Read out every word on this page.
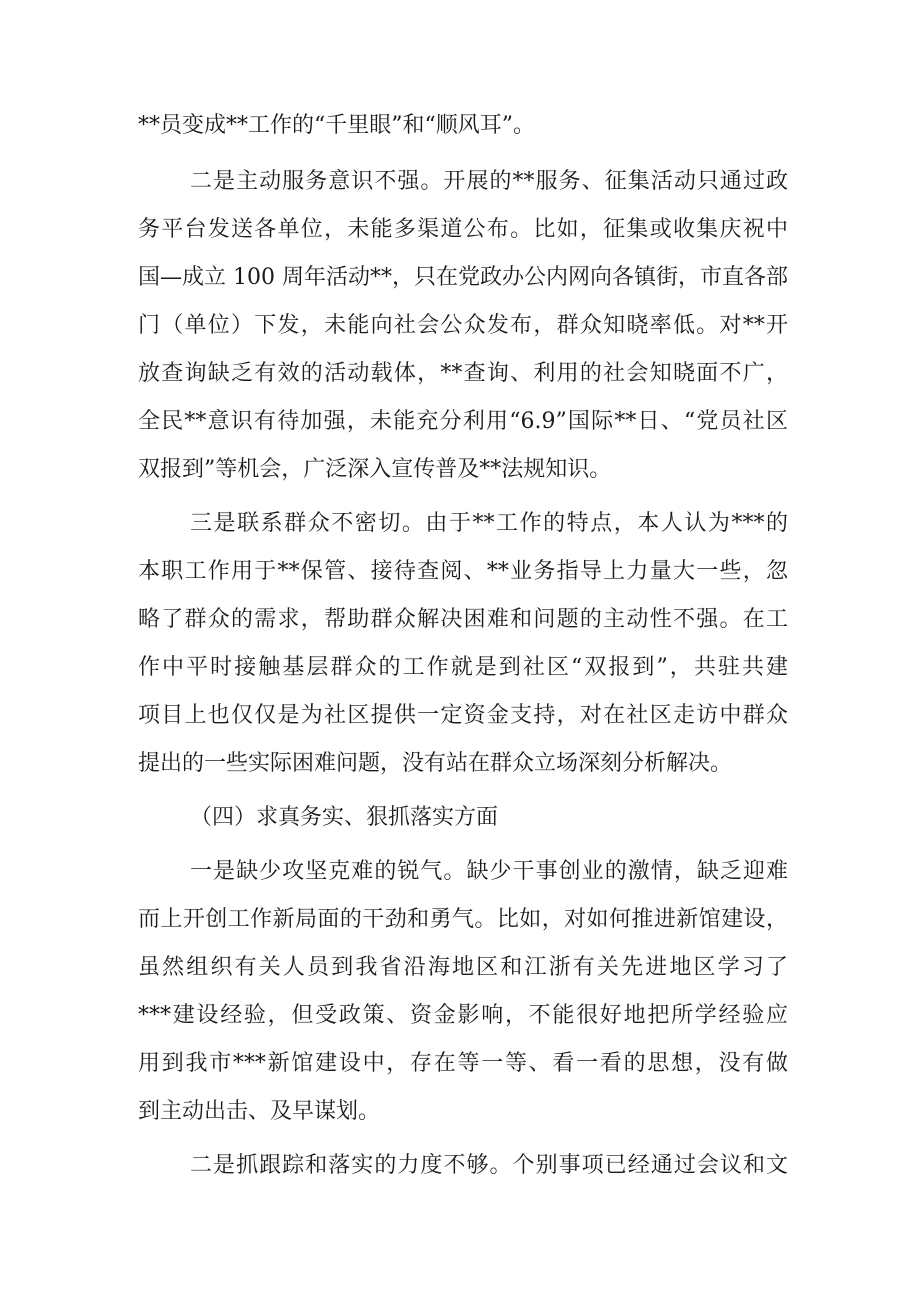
**员变成**工作的“千里眼”和“顺风耳”。
二是主动服务意识不强。开展的**服务、征集活动只通过政
务平台发送各单位，未能多渠道公布。比如，征集或收集庆祝中
国—成立 100 周年活动**，只在党政办公内网向各镇街，市直各部
门（单位）下发，未能向社会公众发布，群众知晓率低。对**开
放查询缺乏有效的活动载体，**查询、利用的社会知晓面不广，
全民**意识有待加强，未能充分利用“6.9”国际**日、“党员社区
双报到”等机会，广泛深入宣传普及**法规知识。
三是联系群众不密切。由于**工作的特点，本人认为***的
本职工作用于**保管、接待查阅、**业务指导上力量大一些，忽
略了群众的需求，帮助群众解决困难和问题的主动性不强。在工
作中平时接触基层群众的工作就是到社区“双报到”，共驻共建
项目上也仅仅是为社区提供一定资金支持，对在社区走访中群众
提出的一些实际困难问题，没有站在群众立场深刻分析解决。
（四）求真务实、狠抓落实方面
一是缺少攻坚克难的锐气。缺少干事创业的激情，缺乏迎难
而上开创工作新局面的干劲和勇气。比如，对如何推进新馆建设，
虽然组织有关人员到我省沿海地区和江浙有关先进地区学习了
***建设经验，但受政策、资金影响，不能很好地把所学经验应
用到我市***新馆建设中，存在等一等、看一看的思想，没有做
到主动出击、及早谋划。
二是抓跟踪和落实的力度不够。个别事项已经通过会议和文
